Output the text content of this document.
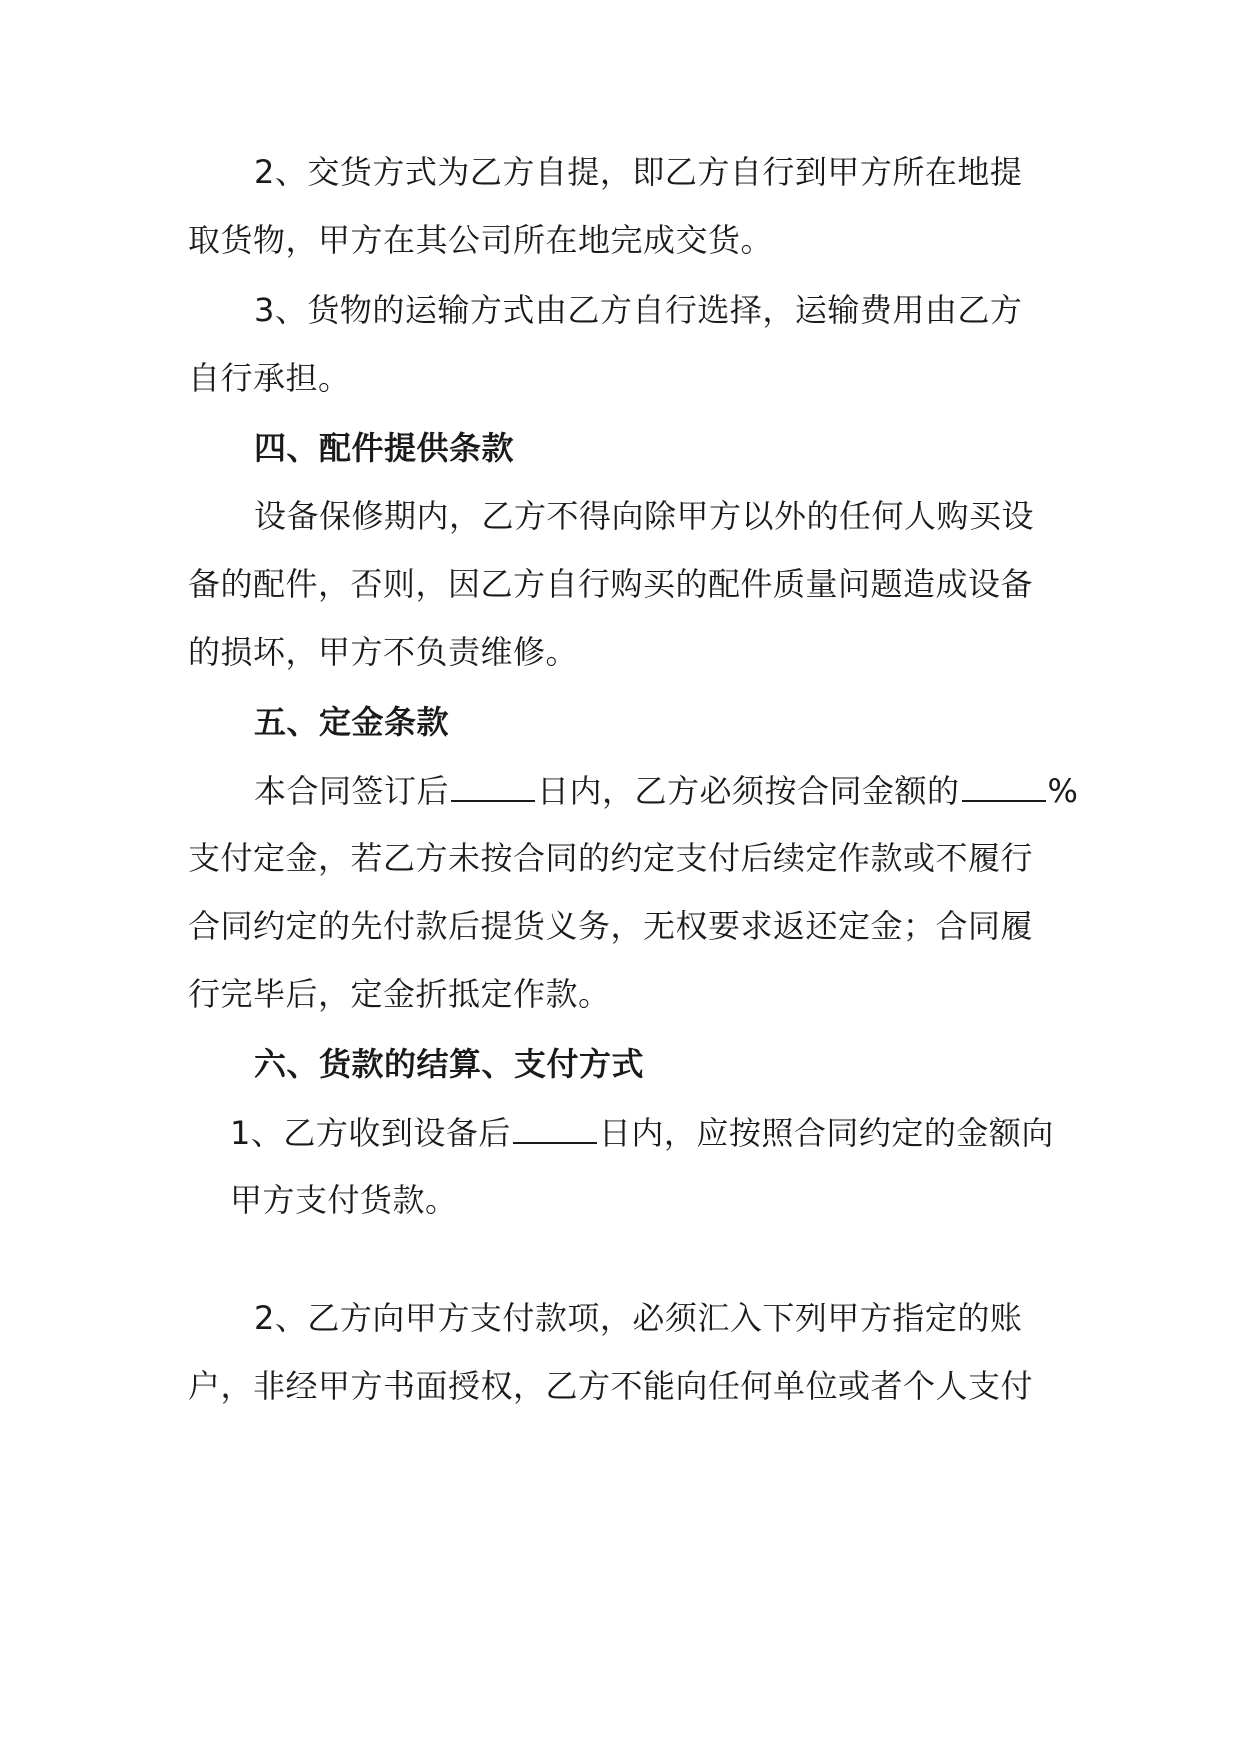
2、交货方式为乙方自提，即乙方自行到甲方所在地提
取货物，甲方在其公司所在地完成交货。
3、货物的运输方式由乙方自行选择，运输费用由乙方
自行承担。
四、配件提供条款
设备保修期内，乙方不得向除甲方以外的任何人购买设
备的配件，否则，因乙方自行购买的配件质量问题造成设备
的损坏，甲方不负责维修。
五、定金条款
本合同签订后	日内，乙方必须按合同金额的	%
支付定金，若乙方未按合同的约定支付后续定作款或不履行
合同约定的先付款后提货义务，无权要求返还定金；合同履
行完毕后，定金折抵定作款。
六、货款的结算、支付方式
1、乙方收到设备后	日内，应按照合同约定的金额向
甲方支付货款。
2、乙方向甲方支付款项，必须汇入下列甲方指定的账
户，非经甲方书面授权，乙方不能向任何单位或者个人支付
